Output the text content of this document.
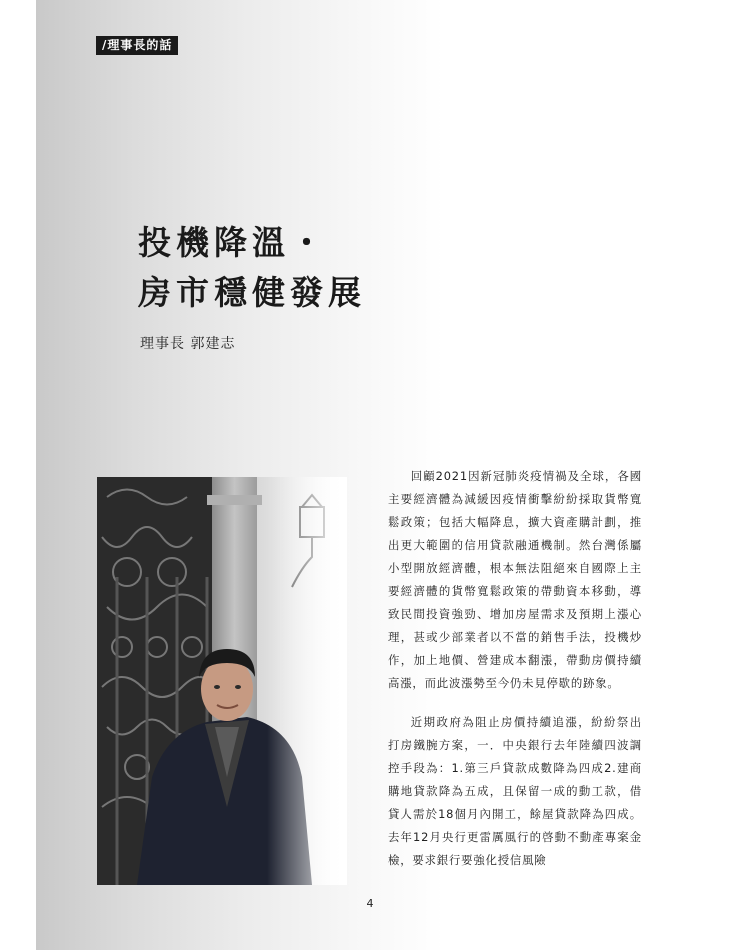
/理事長的話
投機降溫・
房市穩健發展
理事長 郭建志

回顧2021因新冠肺炎疫情禍及全球，各國主要經濟體為減緩因疫情衝擊紛紛採取貨幣寬鬆政策；包括大幅降息，擴大資產購計劃，推出更大範圍的信用貸款融通機制。然台灣係屬小型開放經濟體，根本無法阻絕來自國際上主要經濟體的貨幣寬鬆政策的帶動資本移動，導致民間投資強勁、增加房屋需求及預期上漲心理，甚或少部業者以不當的銷售手法，投機炒作，加上地價、營建成本翻漲，帶動房價持續高漲，而此波漲勢至今仍未見停歇的跡象。

近期政府為阻止房價持續追漲，紛紛祭出打房鐵腕方案，一．中央銀行去年陸續四波調控手段為：1.第三戶貸款成數降為四成2.建商購地貸款降為五成，且保留一成的動工款，借貸人需於18個月內開工，餘屋貸款降為四成。去年12月央行更雷厲風行的啓動不動產專案金檢，要求銀行要強化授信風險

4
